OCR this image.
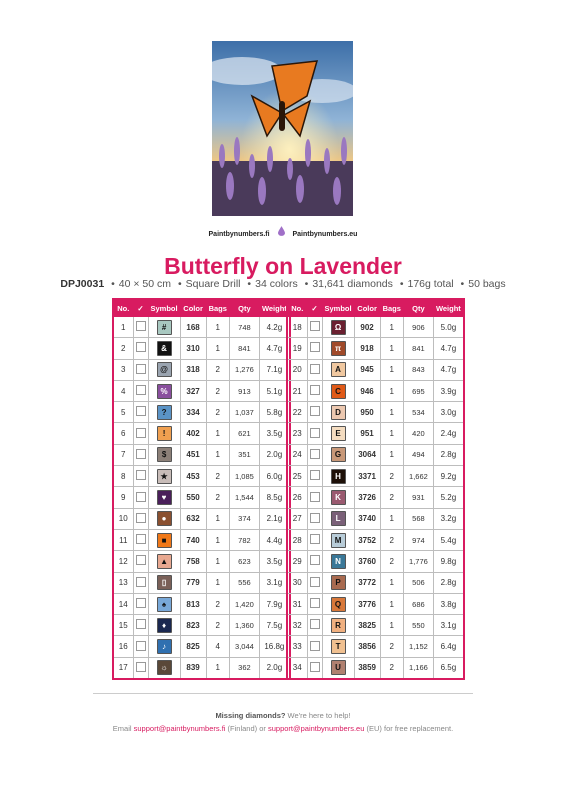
Paintbynumbers.fi	Paintbynumbers.eu
Butterfly on Lavender
DPJ0031 • 40 × 50 cm • Square Drill • 34 colors • 31,641 diamonds • 176g total • 50 bags
No.	✓	Symbol	Color	Bags	Qty	Weight
1		#	168	1	748	4.2g
2		&	310	1	841	4.7g
3		@	318	2	1,276	7.1g
4		%	327	2	913	5.1g
5		?	334	2	1,037	5.8g
6		!	402	1	621	3.5g
7		$	451	1	351	2.0g
8		★	453	2	1,085	6.0g
9		♥	550	2	1,544	8.5g
10		●	632	1	374	2.1g
11		■	740	1	782	4.4g
12		▲	758	1	623	3.5g
13		▯	779	1	556	3.1g
14		♠	813	2	1,420	7.9g
15		♦	823	2	1,360	7.5g
16		♪	825	4	3,044	16.8g
17		☼	839	1	362	2.0g
No.	✓	Symbol	Color	Bags	Qty	Weight
18		Ω	902	1	906	5.0g
19		π	918	1	841	4.7g
20		A	945	1	843	4.7g
21		C	946	1	695	3.9g
22		D	950	1	534	3.0g
23		E	951	1	420	2.4g
24		G	3064	1	494	2.8g
25		H	3371	2	1,662	9.2g
26		K	3726	2	931	5.2g
27		L	3740	1	568	3.2g
28		M	3752	2	974	5.4g
29		N	3760	2	1,776	9.8g
30		P	3772	1	506	2.8g
31		Q	3776	1	686	3.8g
32		R	3825	1	550	3.1g
33		T	3856	2	1,152	6.4g
34		U	3859	2	1,166	6.5g
Missing diamonds? We're here to help!
Email support@paintbynumbers.fi (Finland) or support@paintbynumbers.eu (EU) for free replacement.
